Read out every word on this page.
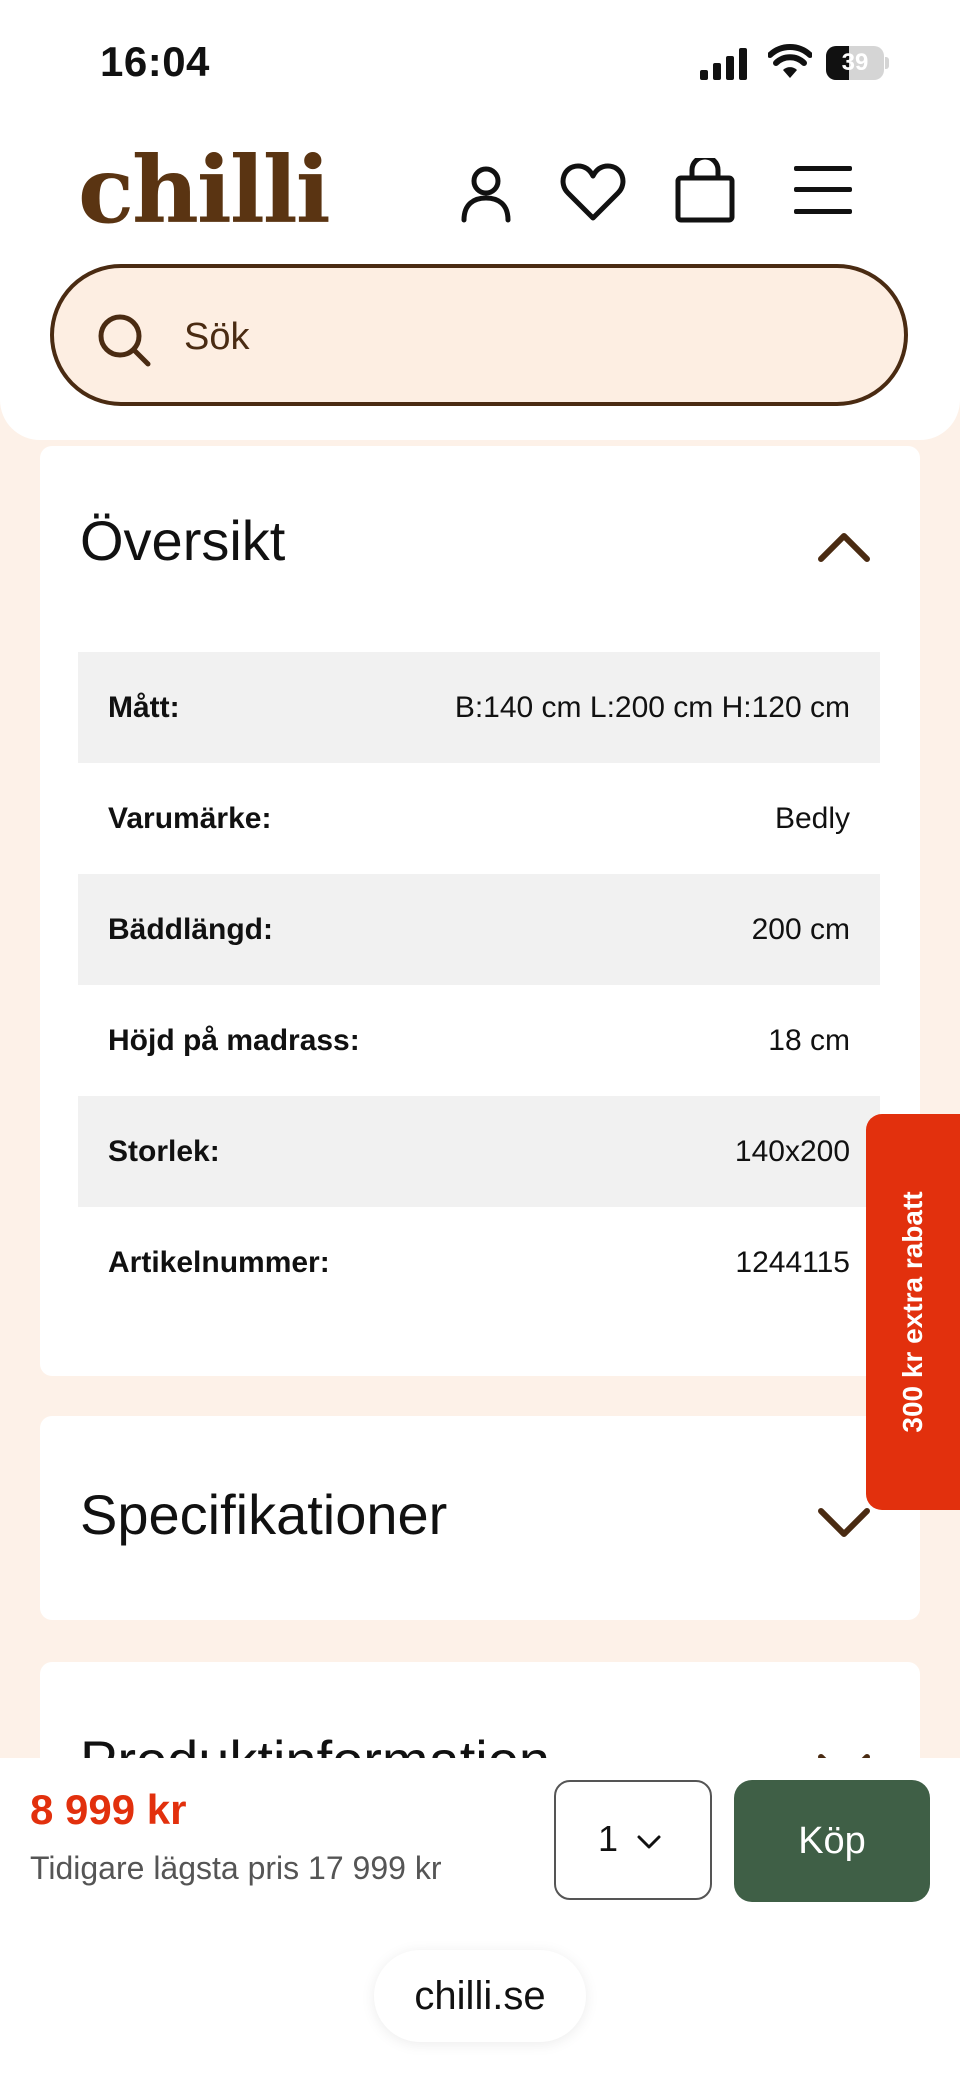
16:04	39
chilli
Sök
Översikt
Mått:	B:140 cm L:200 cm H:120 cm
Varumärke:	Bedly
Bäddlängd:	200 cm
Höjd på madrass:	18 cm
Storlek:	140x200
Artikelnummer:	1244115
Specifikationer
300 kr extra rabatt
8 999 kr
Tidigare lägsta pris 17 999 kr
1	Köp
chilli.se
